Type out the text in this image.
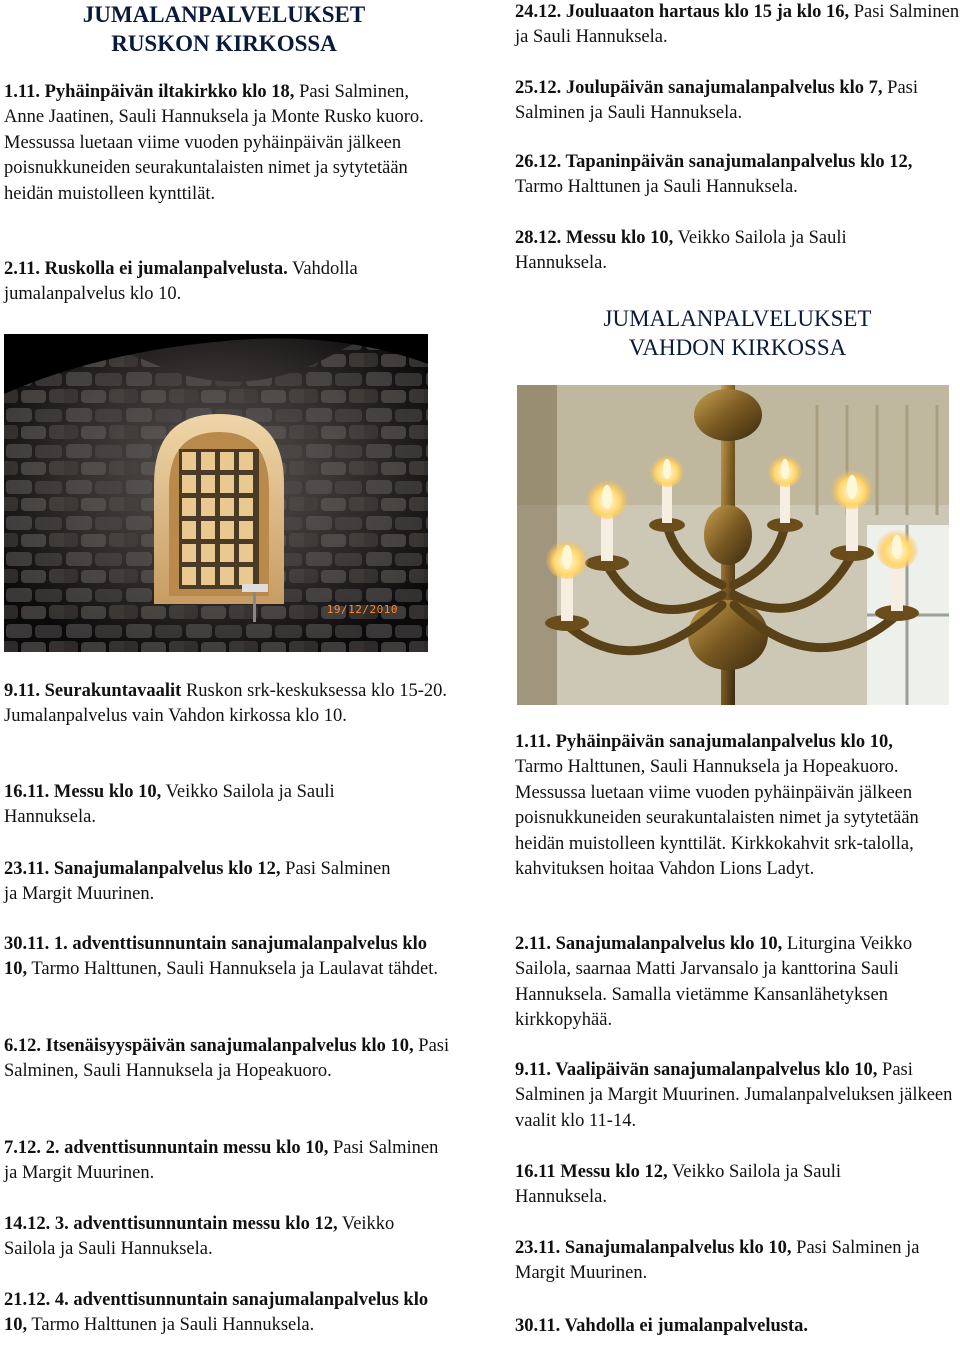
JUMALANPALVELUKSET
RUSKON KIRKOSSA

1.11. Pyhäinpäivän iltakirkko klo 18, Pasi Salminen, Anne Jaatinen, Sauli Hannuksela ja Monte Rusko kuoro. Messussa luetaan viime vuoden pyhäinpäivän jälkeen poisnukkuneiden seurakuntalaisten nimet ja sytytetään heidän muistolleen kynttilät.

2.11. Ruskolla ei jumalanpalvelusta. Vahdolla jumalanpalvelus klo 10.

19/12/2010

9.11. Seurakuntavaalit Ruskon srk-keskuksessa klo 15-20. Jumalanpalvelus vain Vahdon kirkossa klo 10.

16.11. Messu klo 10, Veikko Sailola ja Sauli Hannuksela.

23.11. Sanajumalanpalvelus klo 12, Pasi Salminen ja Margit Muurinen.

30.11. 1. adventtisunnuntain sanajumalanpalvelus klo 10, Tarmo Halttunen, Sauli Hannuksela ja Laulavat tähdet.

6.12. Itsenäisyyspäivän sanajumalanpalvelus klo 10, Pasi Salminen, Sauli Hannuksela ja Hopeakuoro.

7.12. 2. adventtisunnuntain messu klo 10, Pasi Salminen ja Margit Muurinen.

14.12. 3. adventtisunnuntain messu klo 12, Veikko Sailola ja Sauli Hannuksela.

21.12. 4. adventtisunnuntain sanajumalanpalvelus klo 10, Tarmo Halttunen ja Sauli Hannuksela.

24.12. Jouluaaton hartaus klo 15 ja klo 16, Pasi Salminen ja Sauli Hannuksela.

25.12. Joulupäivän sanajumalanpalvelus klo 7, Pasi Salminen ja Sauli Hannuksela.

26.12. Tapaninpäivän sanajumalanpalvelus klo 12, Tarmo Halttunen ja Sauli Hannuksela.

28.12. Messu klo 10, Veikko Sailola ja Sauli Hannuksela.

JUMALANPALVELUKSET
VAHDON KIRKOSSA

1.11. Pyhäinpäivän sanajumalanpalvelus klo 10, Tarmo Halttunen, Sauli Hannuksela ja Hopeakuoro. Messussa luetaan viime vuoden pyhäinpäivän jälkeen poisnukkuneiden seurakuntalaisten nimet ja sytytetään heidän muistolleen kynttilät. Kirkkokahvit srk-talolla, kahvituksen hoitaa Vahdon Lions Ladyt.

2.11. Sanajumalanpalvelus klo 10, Liturgina Veikko Sailola, saarnaa Matti Jarvansalo ja kanttorina Sauli Hannuksela. Samalla vietämme Kansanlähetyksen kirkkopyhää.

9.11. Vaalipäivän sanajumalanpalvelus klo 10, Pasi Salminen ja Margit Muurinen. Jumalanpalveluksen jälkeen vaalit klo 11-14.

16.11 Messu klo 12, Veikko Sailola ja Sauli Hannuksela.

23.11. Sanajumalanpalvelus klo 10, Pasi Salminen ja Margit Muurinen.

30.11. Vahdolla ei jumalanpalvelusta.
